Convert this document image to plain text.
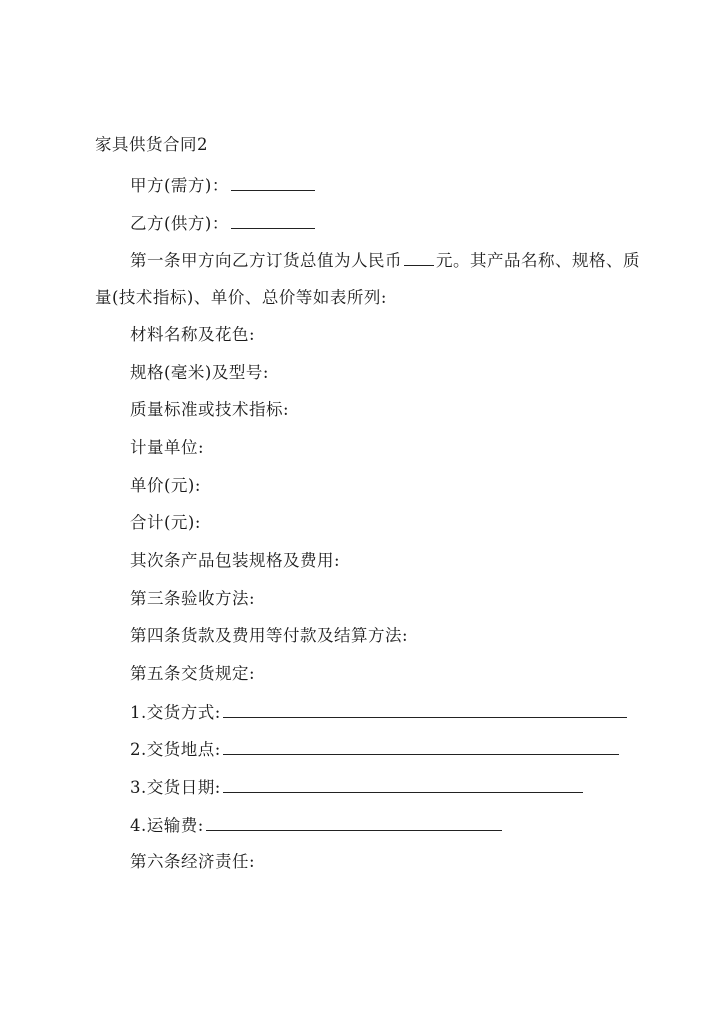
家具供货合同2
甲方(需方)：
乙方(供方)：
第一条甲方向乙方订货总值为人民币 元。其产品名称、规格、质
量(技术指标)、单价、总价等如表所列:
材料名称及花色:
规格(毫米)及型号:
质量标准或技术指标:
计量单位:
单价(元):
合计(元):
其次条产品包装规格及费用:
第三条验收方法:
第四条货款及费用等付款及结算方法:
第五条交货规定:
1.交货方式:
2.交货地点:
3.交货日期:
4.运输费:
第六条经济责任:
